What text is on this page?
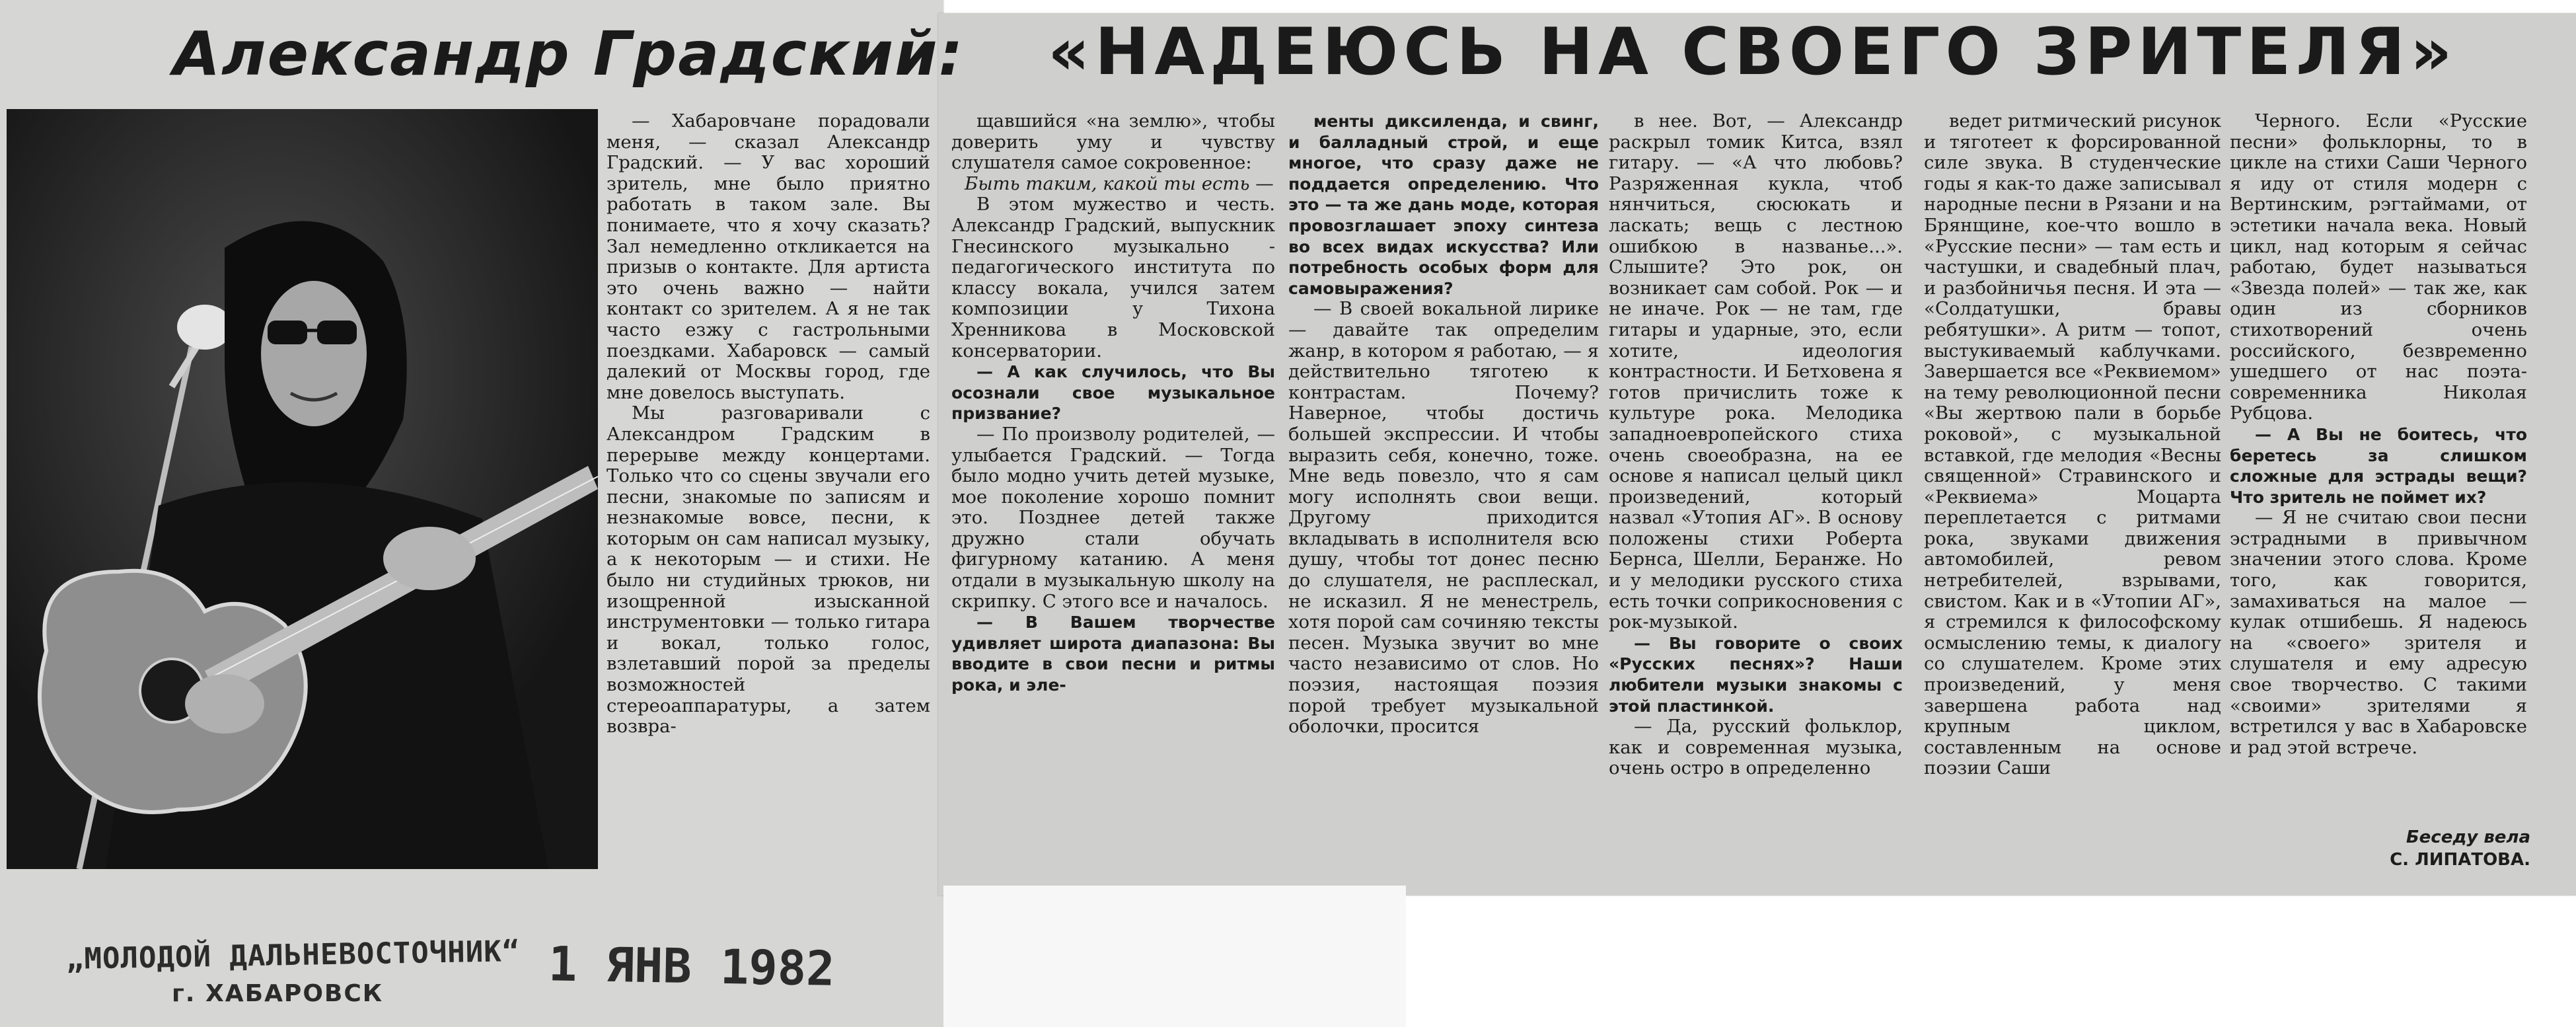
Александр Градский: «НАДЕЮСЬ НА СВОЕГО ЗРИТЕЛЯ»

— Хабаровчане порадовали меня, — сказал Александр Градский. — У вас хороший зритель, мне было приятно работать в таком зале. Вы понимаете, что я хочу сказать? Зал немедленно откликается на призыв о контакте. Для артиста это очень важно — найти контакт со зрителем. А я не так часто езжу с гастрольными поездками. Хабаровск — самый далекий от Москвы город, где мне довелось выступать.

Мы разговаривали с Александром Градским в перерыве между концертами. Только что со сцены звучали его песни, знакомые по записям и незнакомые вовсе, песни, к которым он сам написал музыку, а к некоторым — и стихи. Не было ни студийных трюков, ни изощренной изысканной инструментовки — только гитара и вокал, только голос, взлетавший порой за пределы возможностей стереоаппаратуры, а затем возвра-

щавшийся «на землю», чтобы доверить уму и чувству слушателя самое сокровенное:

Быть таким, какой ты есть —

В этом мужество и честь. Александр Градский, выпускник Гнесинского музыкально - педагогического института по классу вокала, учился затем композиции у Тихона Хренникова в Московской консерватории.

— А как случилось, что Вы осознали свое музыкальное призвание?

— По произволу родителей, — улыбается Градский. — Тогда было модно учить детей музыке, мое поколение хорошо помнит это. Позднее детей также дружно стали обучать фигурному катанию. А меня отдали в музыкальную школу на скрипку. С этого все и началось.

— В Вашем творчестве удивляет широта диапазона: Вы вводите в свои песни и ритмы рока, и эле-

менты диксиленда, и свинг, и балладный строй, и еще многое, что сразу даже не поддается определению. Что это — та же дань моде, которая провозглашает эпоху синтеза во всех видах искусства? Или потребность особых форм для самовыражения?

— В своей вокальной лирике — давайте так определим жанр, в котором я работаю, — я действительно тяготею к контрастам. Почему? Наверное, чтобы достичь большей экспрессии. И чтобы выразить себя, конечно, тоже. Мне ведь повезло, что я сам могу исполнять свои вещи. Другому приходится вкладывать в исполнителя всю душу, чтобы тот донес песню до слушателя, не расплескал, не исказил. Я не менестрель, хотя порой сам сочиняю тексты песен. Музыка звучит во мне часто независимо от слов. Но поэзия, настоящая поэзия порой требует музыкальной оболочки, просится

в нее. Вот, — Александр раскрыл томик Китса, взял гитару. — «А что любовь? Разряженная кукла, чтоб нянчиться, сюсюкать и ласкать; вещь с лестною ошибкою в названье...». Слышите? Это рок, он возникает сам собой. Рок — и не иначе. Рок — не там, где гитары и ударные, это, если хотите, идеология контрастности. И Бетховена я готов причислить тоже к культуре рока. Мелодика западноевропейского стиха очень своеобразна, на ее основе я написал целый цикл произведений, который назвал «Утопия АГ». В основу положены стихи Роберта Бернса, Шелли, Беранже. Но и у мелодики русского стиха есть точки соприкосновения с рок-музыкой.

— Вы говорите о своих «Русских песнях»? Наши любители музыки знакомы с этой пластинкой.

— Да, русский фольклор, как и современная музыка, очень остро в определенно

ведет ритмический рисунок и тяготеет к форсированной силе звука. В студенческие годы я как-то даже записывал народные песни в Рязани и на Брянщине, кое-что вошло в «Русские песни» — там есть и частушки, и свадебный плач, и разбойничья песня. И эта — «Солдатушки, бравы ребятушки». А ритм — топот, выстукиваемый каблучками. Завершается все «Реквиемом» на тему революционной песни «Вы жертвою пали в борьбе роковой», с музыкальной вставкой, где мелодия «Весны священной» Стравинского и «Реквиема» Моцарта переплетается с ритмами рока, звуками движения автомобилей, ревом нетребителей, взрывами, свистом. Как и в «Утопии АГ», я стремился к философскому осмыслению темы, к диалогу со слушателем. Кроме этих произведений, у меня завершена работа над крупным циклом, составленным на основе поэзии Саши

Черного. Если «Русские песни» фольклорны, то в цикле на стихи Саши Черного я иду от стиля модерн с Вертинским, рэгтаймами, от эстетики начала века. Новый цикл, над которым я сейчас работаю, будет называться «Звезда полей» — так же, как один из сборников стихотворений очень российского, безвременно ушедшего от нас поэта-современника Николая Рубцова.

— А Вы не боитесь, что беретесь за слишком сложные для эстрады вещи? Что зритель не поймет их?

— Я не считаю свои песни эстрадными в привычном значении этого слова. Кроме того, как говорится, замахиваться на малое — кулак отшибешь. Я надеюсь на «своего» зрителя и слушателя и ему адресую свое творчество. С такими «своими» зрителями я встретился у вас в Хабаровске и рад этой встрече.

Беседу вела
С. ЛИПАТОВА.
„МОЛОДОЙ ДАЛЬНЕВОСТОЧНИК“
г. ХАБАРОВСК	1 ЯНВ 1982
